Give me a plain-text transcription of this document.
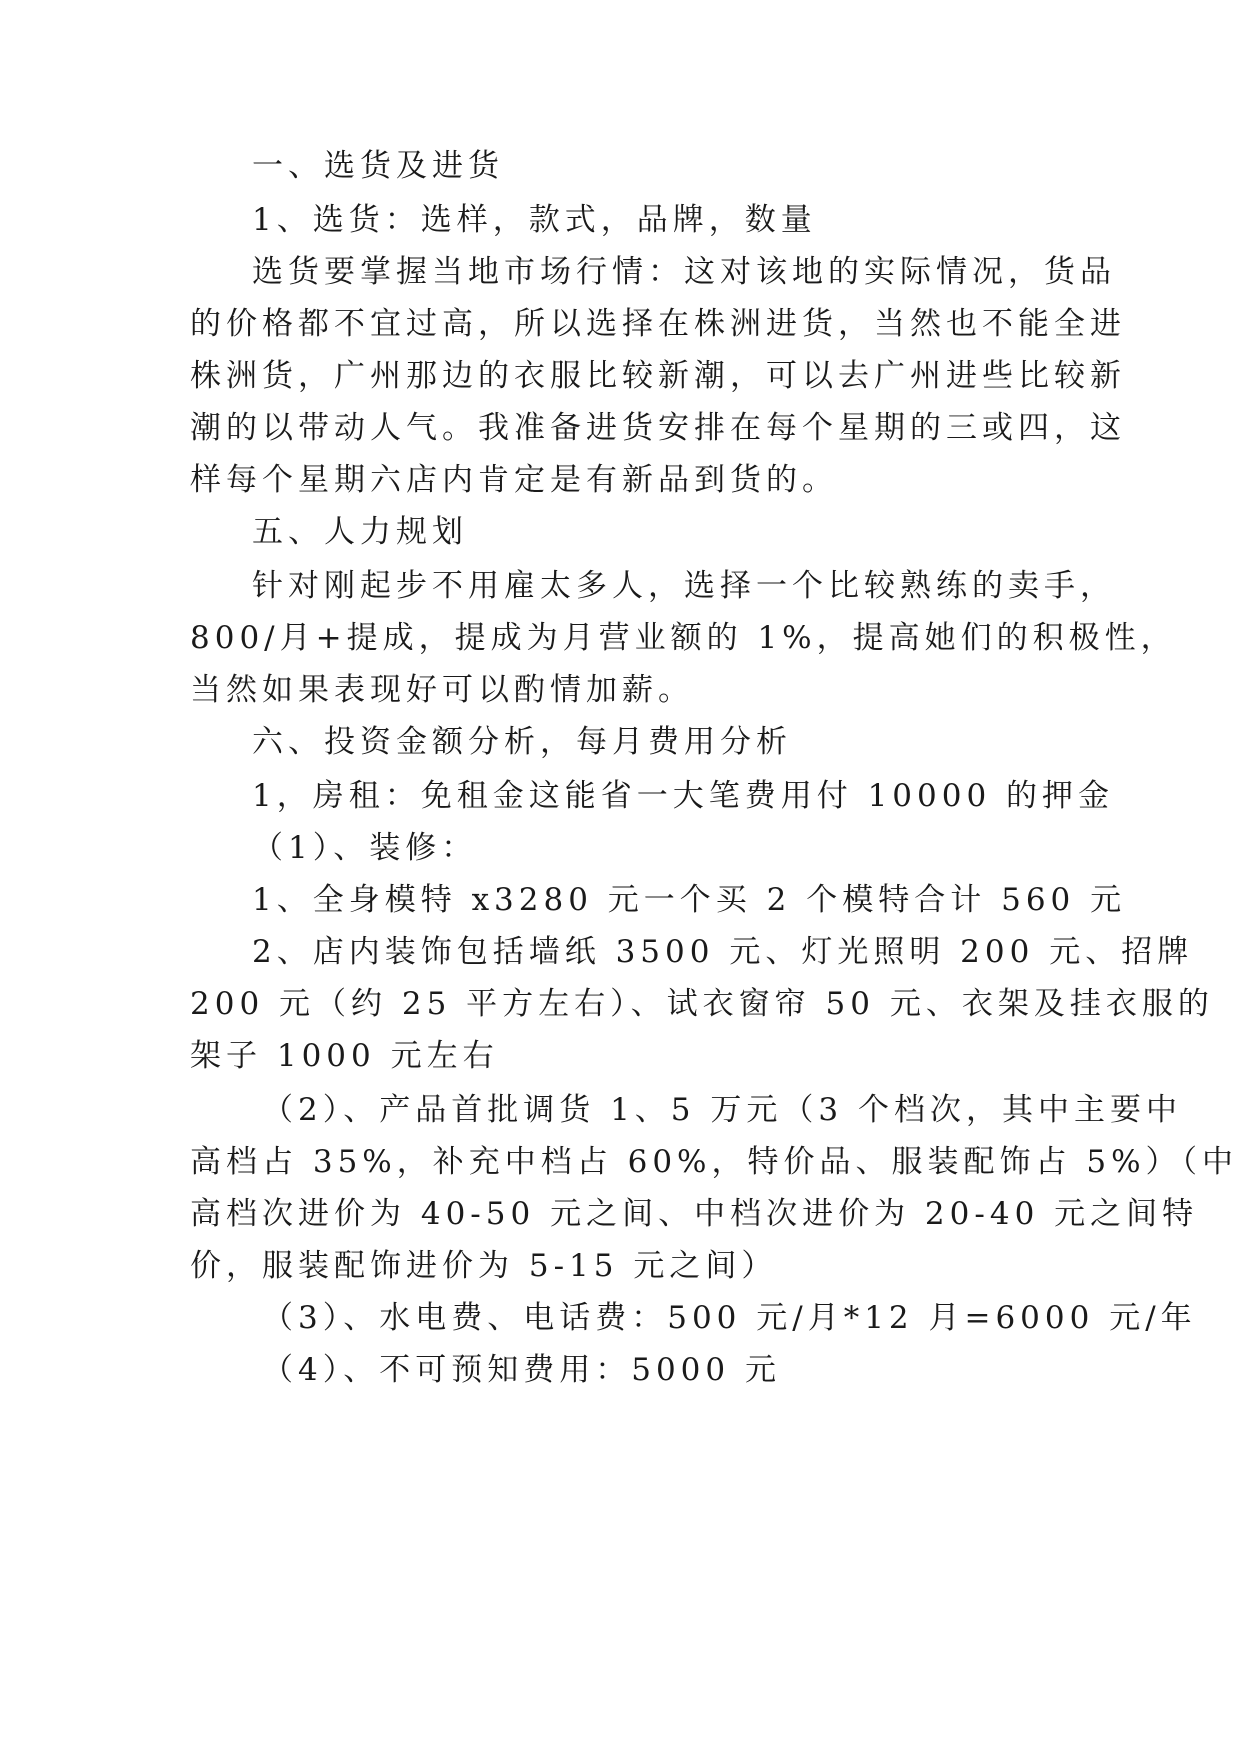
一、选货及进货
1、选货：选样，款式，品牌，数量
选货要掌握当地市场行情：这对该地的实际情况，货品
的价格都不宜过高，所以选择在株洲进货，当然也不能全进
株洲货，广州那边的衣服比较新潮，可以去广州进些比较新
潮的以带动人气。我准备进货安排在每个星期的三或四，这
样每个星期六店内肯定是有新品到货的。
五、人力规划
针对刚起步不用雇太多人，选择一个比较熟练的卖手，
800/月+提成，提成为月营业额的 1%，提高她们的积极性，
当然如果表现好可以酌情加薪。
六、投资金额分析，每月费用分析
1，房租：免租金这能省一大笔费用付 10000 的押金
（1）、装修：
1、全身模特 x3280 元一个买 2 个模特合计 560 元
2、店内装饰包括墙纸 3500 元、灯光照明 200 元、招牌
200 元（约 25 平方左右）、试衣窗帘 50 元、衣架及挂衣服的
架子 1000 元左右
（2）、产品首批调货 1、5 万元（3 个档次，其中主要中
高档占 35%，补充中档占 60%，特价品、服装配饰占 5%）（中
高档次进价为 40-50 元之间、中档次进价为 20-40 元之间特
价，服装配饰进价为 5-15 元之间）
（3）、水电费、电话费：500 元/月*12 月=6000 元/年
（4）、不可预知费用：5000 元
